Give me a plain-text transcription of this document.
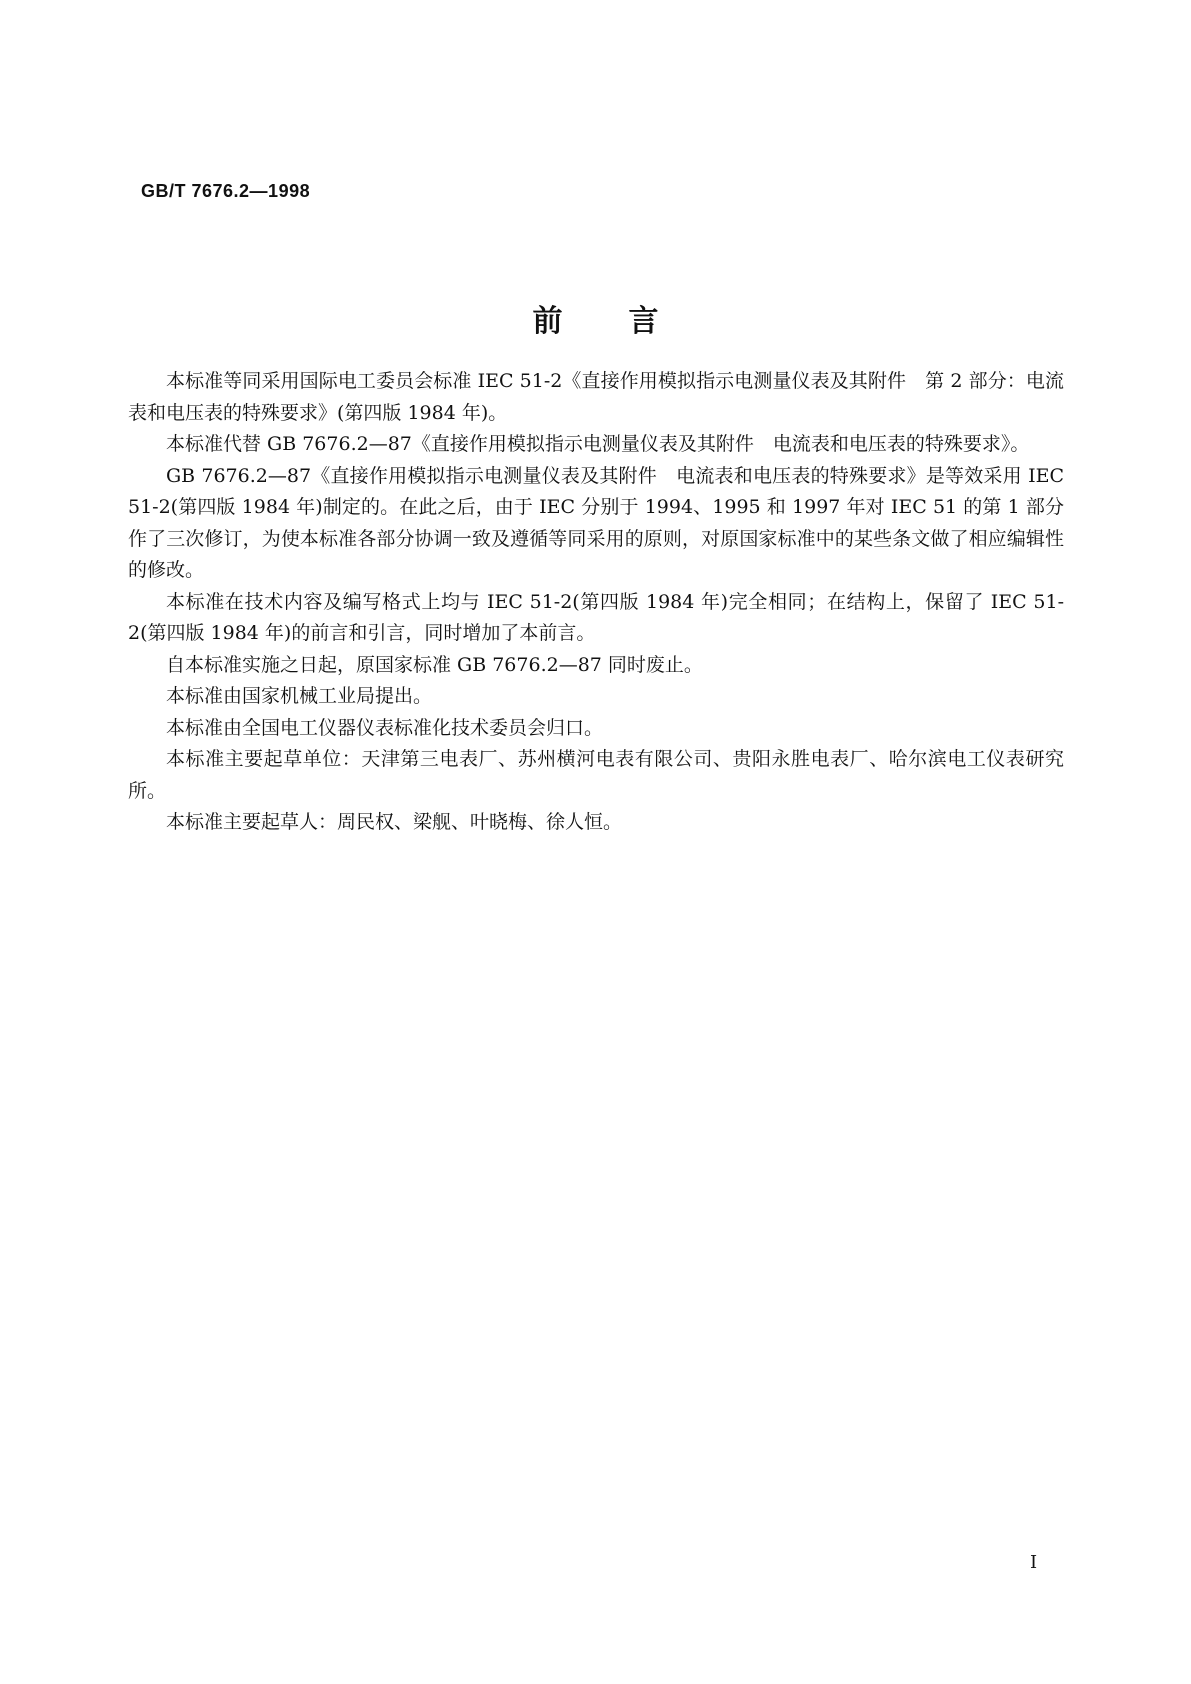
GB/T 7676.2—1998
前言

本标准等同采用国际电工委员会标准 IEC 51-2《直接作用模拟指示电测量仪表及其附件　第 2 部分：电流表和电压表的特殊要求》(第四版 1984 年)。

本标准代替 GB 7676.2—87《直接作用模拟指示电测量仪表及其附件　电流表和电压表的特殊要求》。

GB 7676.2—87《直接作用模拟指示电测量仪表及其附件　电流表和电压表的特殊要求》是等效采用 IEC 51-2(第四版 1984 年)制定的。在此之后，由于 IEC 分别于 1994、1995 和 1997 年对 IEC 51 的第 1 部分作了三次修订，为使本标准各部分协调一致及遵循等同采用的原则，对原国家标准中的某些条文做了相应编辑性的修改。

本标准在技术内容及编写格式上均与 IEC 51-2(第四版 1984 年)完全相同；在结构上，保留了 IEC 51-2(第四版 1984 年)的前言和引言，同时增加了本前言。

自本标准实施之日起，原国家标准 GB 7676.2—87 同时废止。

本标准由国家机械工业局提出。

本标准由全国电工仪器仪表标准化技术委员会归口。

本标准主要起草单位：天津第三电表厂、苏州横河电表有限公司、贵阳永胜电表厂、哈尔滨电工仪表研究所。

本标准主要起草人：周民权、梁舰、叶晓梅、徐人恒。

I
